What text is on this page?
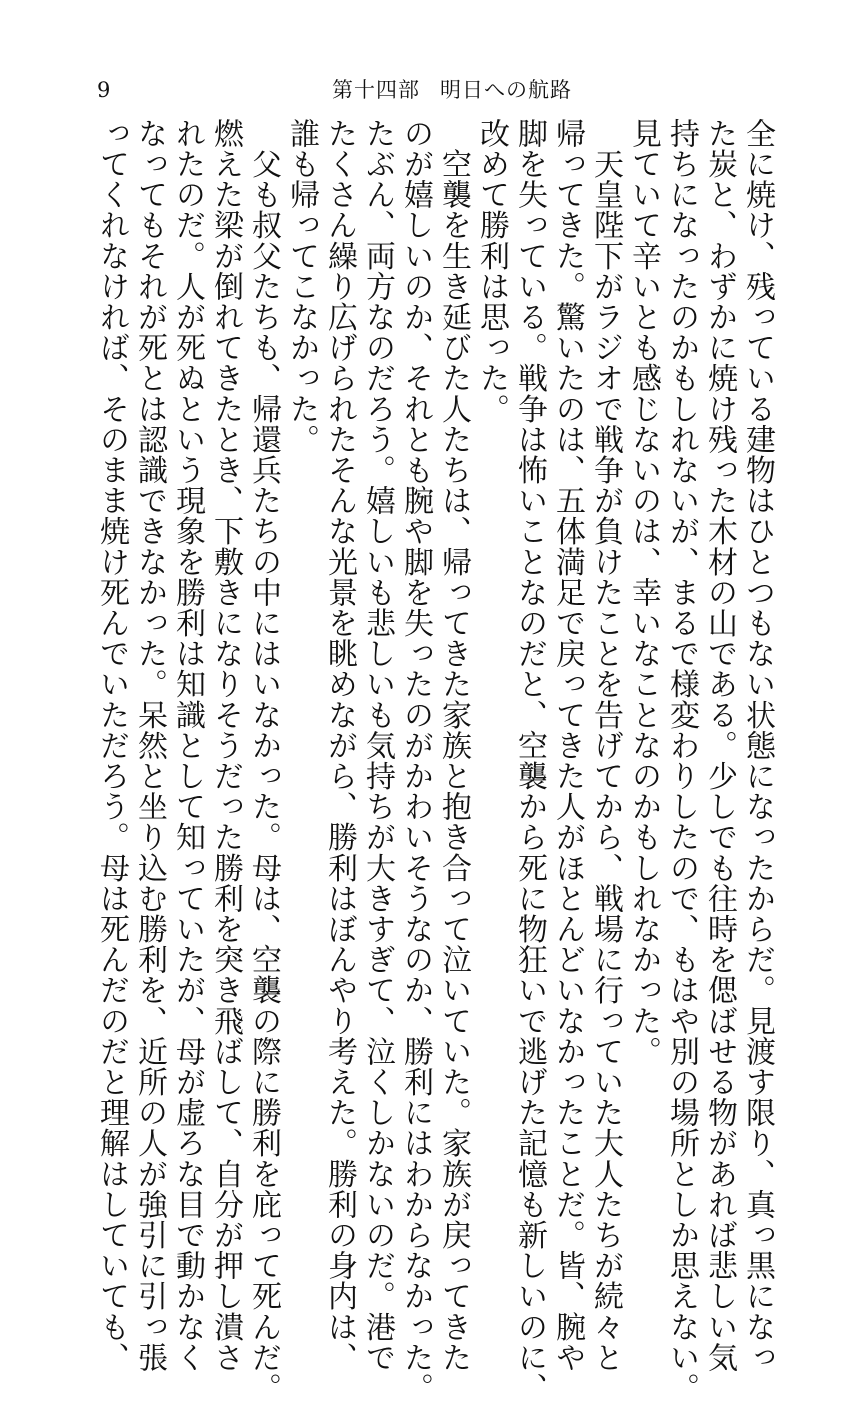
9	第十四部 明日への航路
全に焼け、残っている建物はひとつもない状態になったからだ。見渡す限り、真っ黒になっ
た炭と、わずかに焼け残った木材の山である。少しでも往時を偲ばせる物があれば悲しい気
持ちになったのかもしれないが、まるで様変わりしたので、もはや別の場所としか思えない。
見ていて辛いとも感じないのは、幸いなことなのかもしれなかった。
　天皇陛下がラジオで戦争が負けたことを告げてから、戦場に行っていた大人たちが続々と
帰ってきた。驚いたのは、五体満足で戻ってきた人がほとんどいなかったことだ。皆、腕や
脚を失っている。戦争は怖いことなのだと、空襲から死に物狂いで逃げた記憶も新しいのに、
改めて勝利は思った。
　空襲を生き延びた人たちは、帰ってきた家族と抱き合って泣いていた。家族が戻ってきた
のが嬉しいのか、それとも腕や脚を失ったのがかわいそうなのか、勝利にはわからなかった。
たぶん、両方なのだろう。嬉しいも悲しいも気持ちが大きすぎて、泣くしかないのだ。港で
たくさん繰り広げられたそんな光景を眺めながら、勝利はぼんやり考えた。勝利の身内は、
誰も帰ってこなかった。
　父も叔父たちも、帰還兵たちの中にはいなかった。母は、空襲の際に勝利を庇って死んだ。
燃えた梁が倒れてきたとき、下敷きになりそうだった勝利を突き飛ばして、自分が押し潰さ
れたのだ。人が死ぬという現象を勝利は知識として知っていたが、母が虚ろな目で動かなく
なってもそれが死とは認識できなかった。呆然と坐り込む勝利を、近所の人が強引に引っ張
ってくれなければ、そのまま焼け死んでいただろう。母は死んだのだと理解はしていても、
